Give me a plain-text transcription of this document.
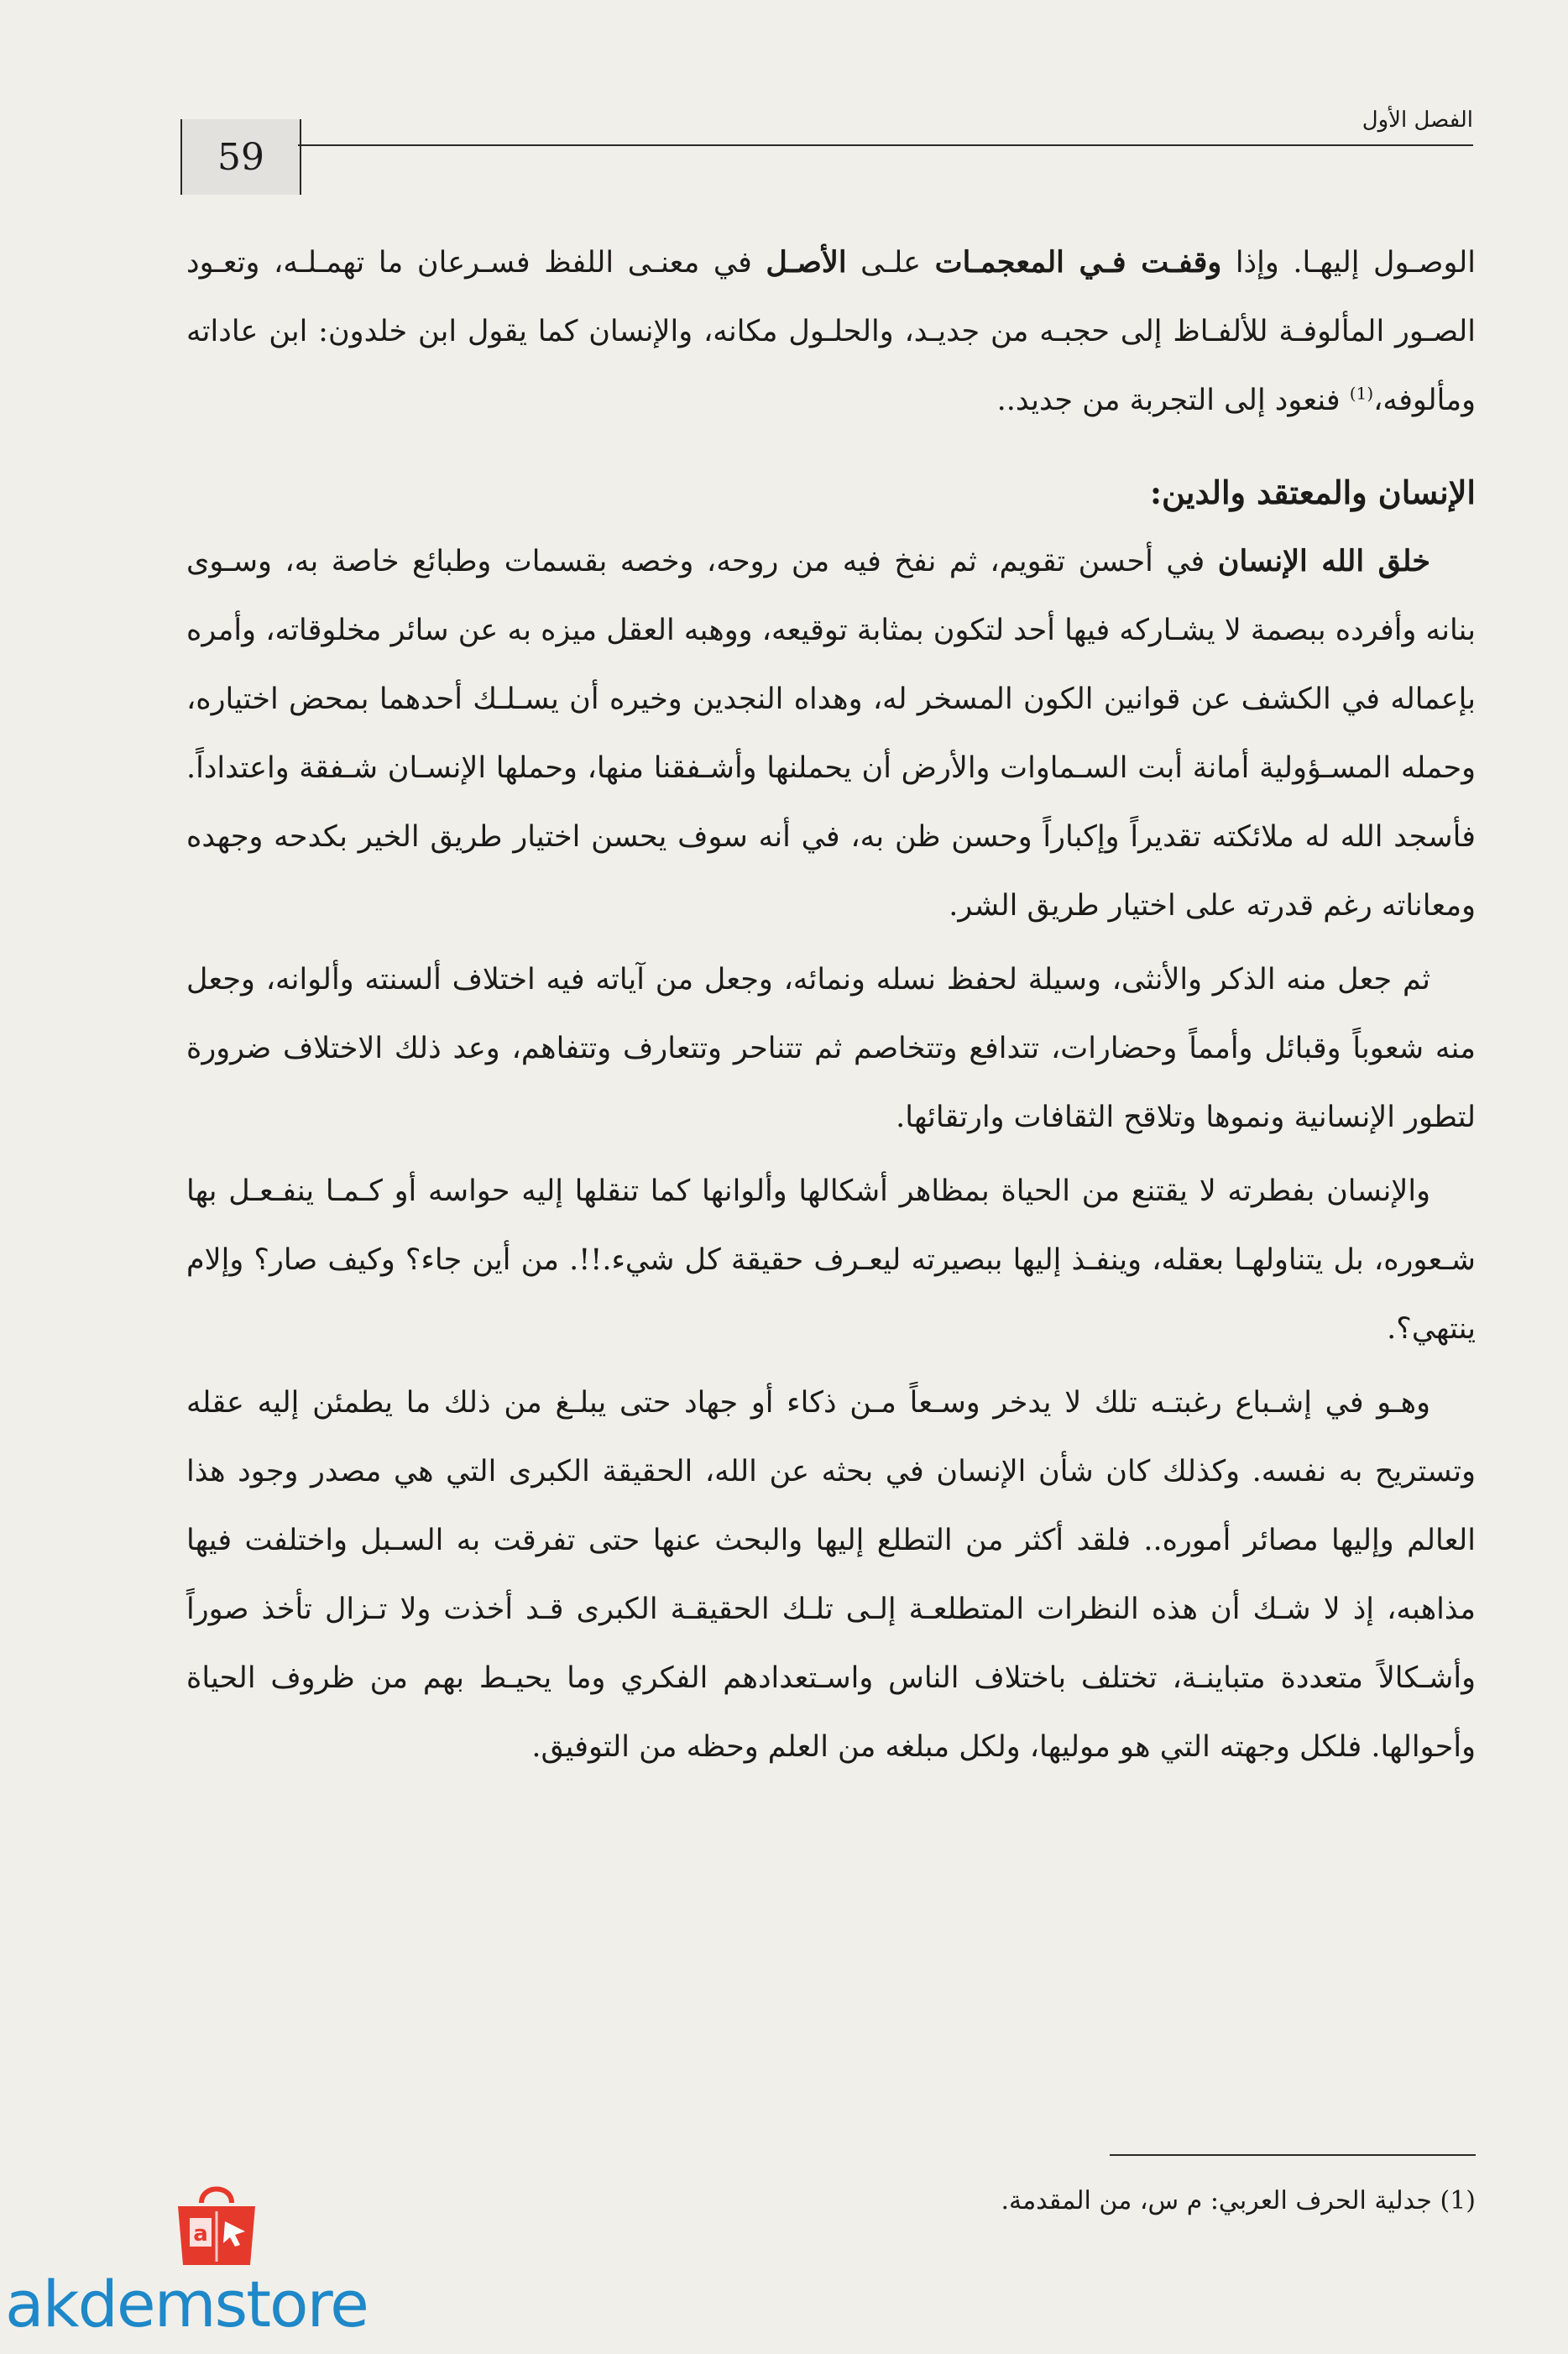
59
الفصل الأول

الوصـول إليهـا. وإذا وقفـت فـي المعجمـات علـى الأصـل في معنـى اللفظ فسـرعان ما تهمـلـه، وتعـود الصـور المألوفـة للألفـاظ إلى حجبـه من جديـد، والحلـول مكانه، والإنسان كما يقول ابن خلدون: ابن عاداته ومألوفه،$^{(1)}$ فنعود إلى التجربة من جديد..

الإنسان والمعتقد والدين:

خلق الله الإنسان في أحسن تقويم، ثم نفخ فيه من روحه، وخصه بقسمات وطبائع خاصة به، وسـوى بنانه وأفرده ببصمة لا يشـاركه فيها أحد لتكون بمثابة توقيعه، ووهبه العقل ميزه به عن سائر مخلوقاته، وأمره بإعماله في الكشف عن قوانين الكون المسخر له، وهداه النجدين وخيره أن يسـلـك أحدهما بمحض اختياره، وحمله المسـؤولية أمانة أبت السـماوات والأرض أن يحملنها وأشـفقنا منها، وحملها الإنسـان شـفقة واعتداداً. فأسجد الله له ملائكته تقديراً وإكباراً وحسن ظن به، في أنه سوف يحسن اختيار طريق الخير بكدحه وجهده ومعاناته رغم قدرته على اختيار طريق الشر.

ثم جعل منه الذكر والأنثى، وسيلة لحفظ نسله ونمائه، وجعل من آياته فيه اختلاف ألسنته وألوانه، وجعل منه شعوباً وقبائل وأمماً وحضارات، تتدافع وتتخاصم ثم تتناحر وتتعارف وتتفاهم، وعد ذلك الاختلاف ضرورة لتطور الإنسانية ونموها وتلاقح الثقافات وارتقائها.

والإنسان بفطرته لا يقتنع من الحياة بمظاهر أشكالها وألوانها كما تنقلها إليه حواسه أو كـمـا ينفـعـل بها شـعوره، بل يتناولهـا بعقله، وينفـذ إليها ببصيرته ليعـرف حقيقة كل شيء.!!. من أين جاء؟ وكيف صار؟ وإلام ينتهي؟.

وهـو في إشـباع رغبتـه تلك لا يدخر وسـعاً مـن ذكاء أو جهاد حتى يبلـغ من ذلك ما يطمئن إليه عقله وتستريح به نفسه. وكذلك كان شأن الإنسان في بحثه عن الله، الحقيقة الكبرى التي هي مصدر وجود هذا العالم وإليها مصائر أموره.. فلقد أكثر من التطلع إليها والبحث عنها حتى تفرقت به السـبل واختلفت فيها مذاهبه، إذ لا شـك أن هذه النظرات المتطلعـة إلـى تلـك الحقيقـة الكبرى قـد أخذت ولا تـزال تأخذ صوراً وأشـكالاً متعددة متباينـة، تختلف باختلاف الناس واسـتعدادهم الفكري وما يحيـط بهم من ظروف الحياة وأحوالها. فلكل وجهته التي هو موليها، ولكل مبلغه من العلم وحظه من التوفيق.

(1) جدلية الحرف العربي: م س، من المقدمة.
a
akdemstore
